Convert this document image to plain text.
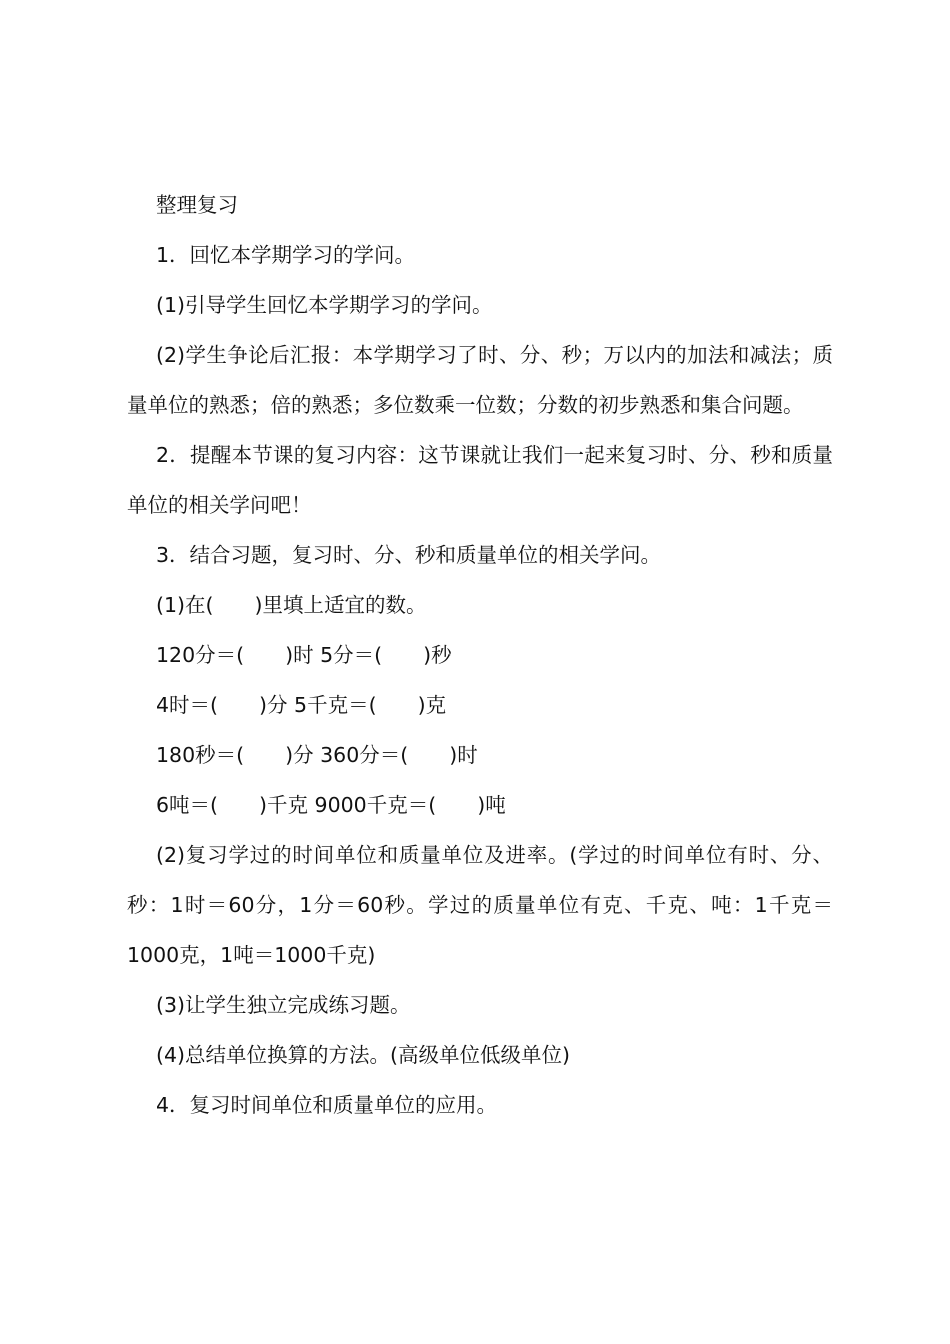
整理复习

1．回忆本学期学习的学问。

(1)引导学生回忆本学期学习的学问。

(2)学生争论后汇报：本学期学习了时、分、秒；万以内的加法和减法；质量单位的熟悉；倍的熟悉；多位数乘一位数；分数的初步熟悉和集合问题。

2．提醒本节课的复习内容：这节课就让我们一起来复习时、分、秒和质量单位的相关学问吧！

3．结合习题，复习时、分、秒和质量单位的相关学问。

(1)在(　　)里填上适宜的数。

120分＝(　　)时 5分＝(　　)秒

4时＝(　　)分 5千克＝(　　)克

180秒＝(　　)分 360分＝(　　)时

6吨＝(　　)千克 9000千克＝(　　)吨

(2)复习学过的时间单位和质量单位及进率。(学过的时间单位有时、分、秒：1时＝60分，1分＝60秒。学过的质量单位有克、千克、吨：1千克＝1000克，1吨＝1000千克)

(3)让学生独立完成练习题。

(4)总结单位换算的方法。(高级单位低级单位)

4．复习时间单位和质量单位的应用。
